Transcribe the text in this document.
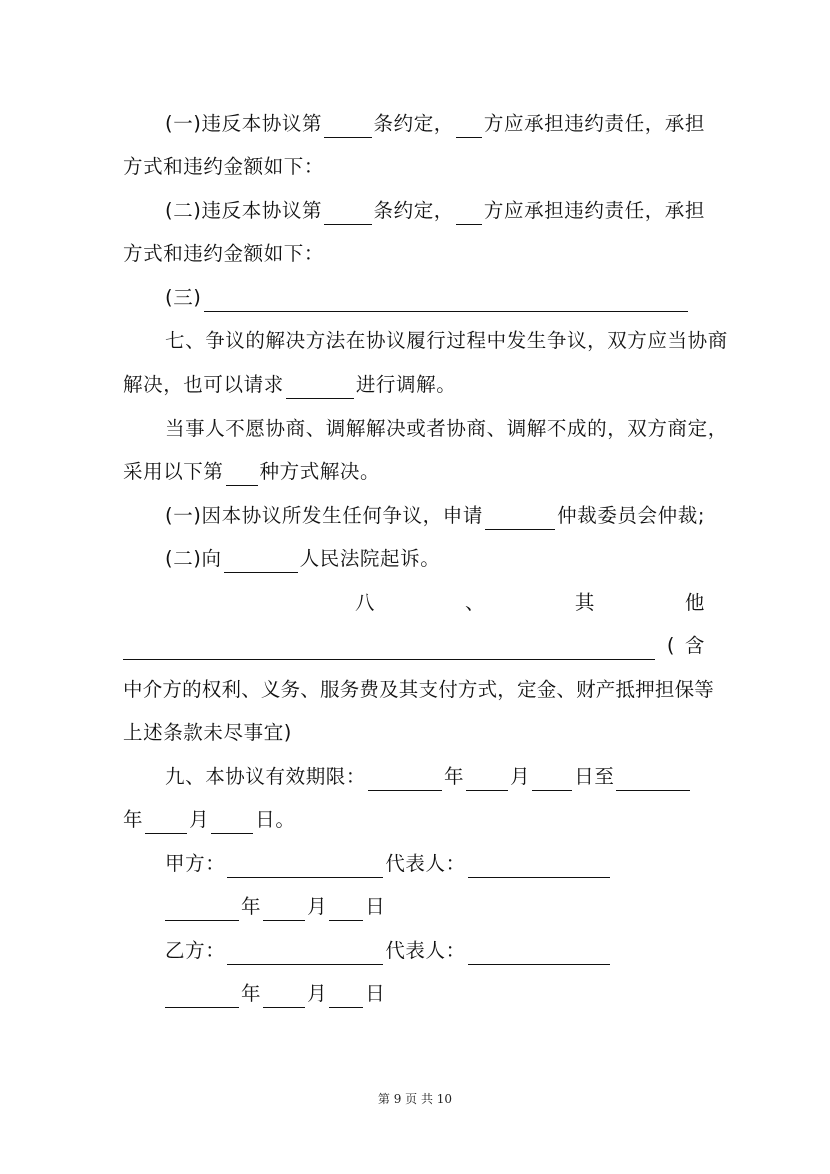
(一)违反本协议第	条约定， 方应承担违约责任，承担
方式和违约金额如下：
(二)违反本协议第	条约定， 方应承担违约责任，承担
方式和违约金额如下：
(三)
七、争议的解决方法在协议履行过程中发生争议，双方应当协商
解决，也可以请求	进行调解。
当事人不愿协商、调解解决或者协商、调解不成的，双方商定，
采用以下第 种方式解决。
(一)因本协议所发生任何争议，申请	仲裁委员会仲裁;
(二)向	人民法院起诉。
八	、	其	他
( 含
中介方的权利、义务、服务费及其支付方式，定金、财产抵押担保等
上述条款未尽事宜)
九、本协议有效期限：	年 月 日至
年 月 日。
甲方：	代表人：
年 月 日
乙方：	代表人：
年 月 日
第 9 页 共 10
